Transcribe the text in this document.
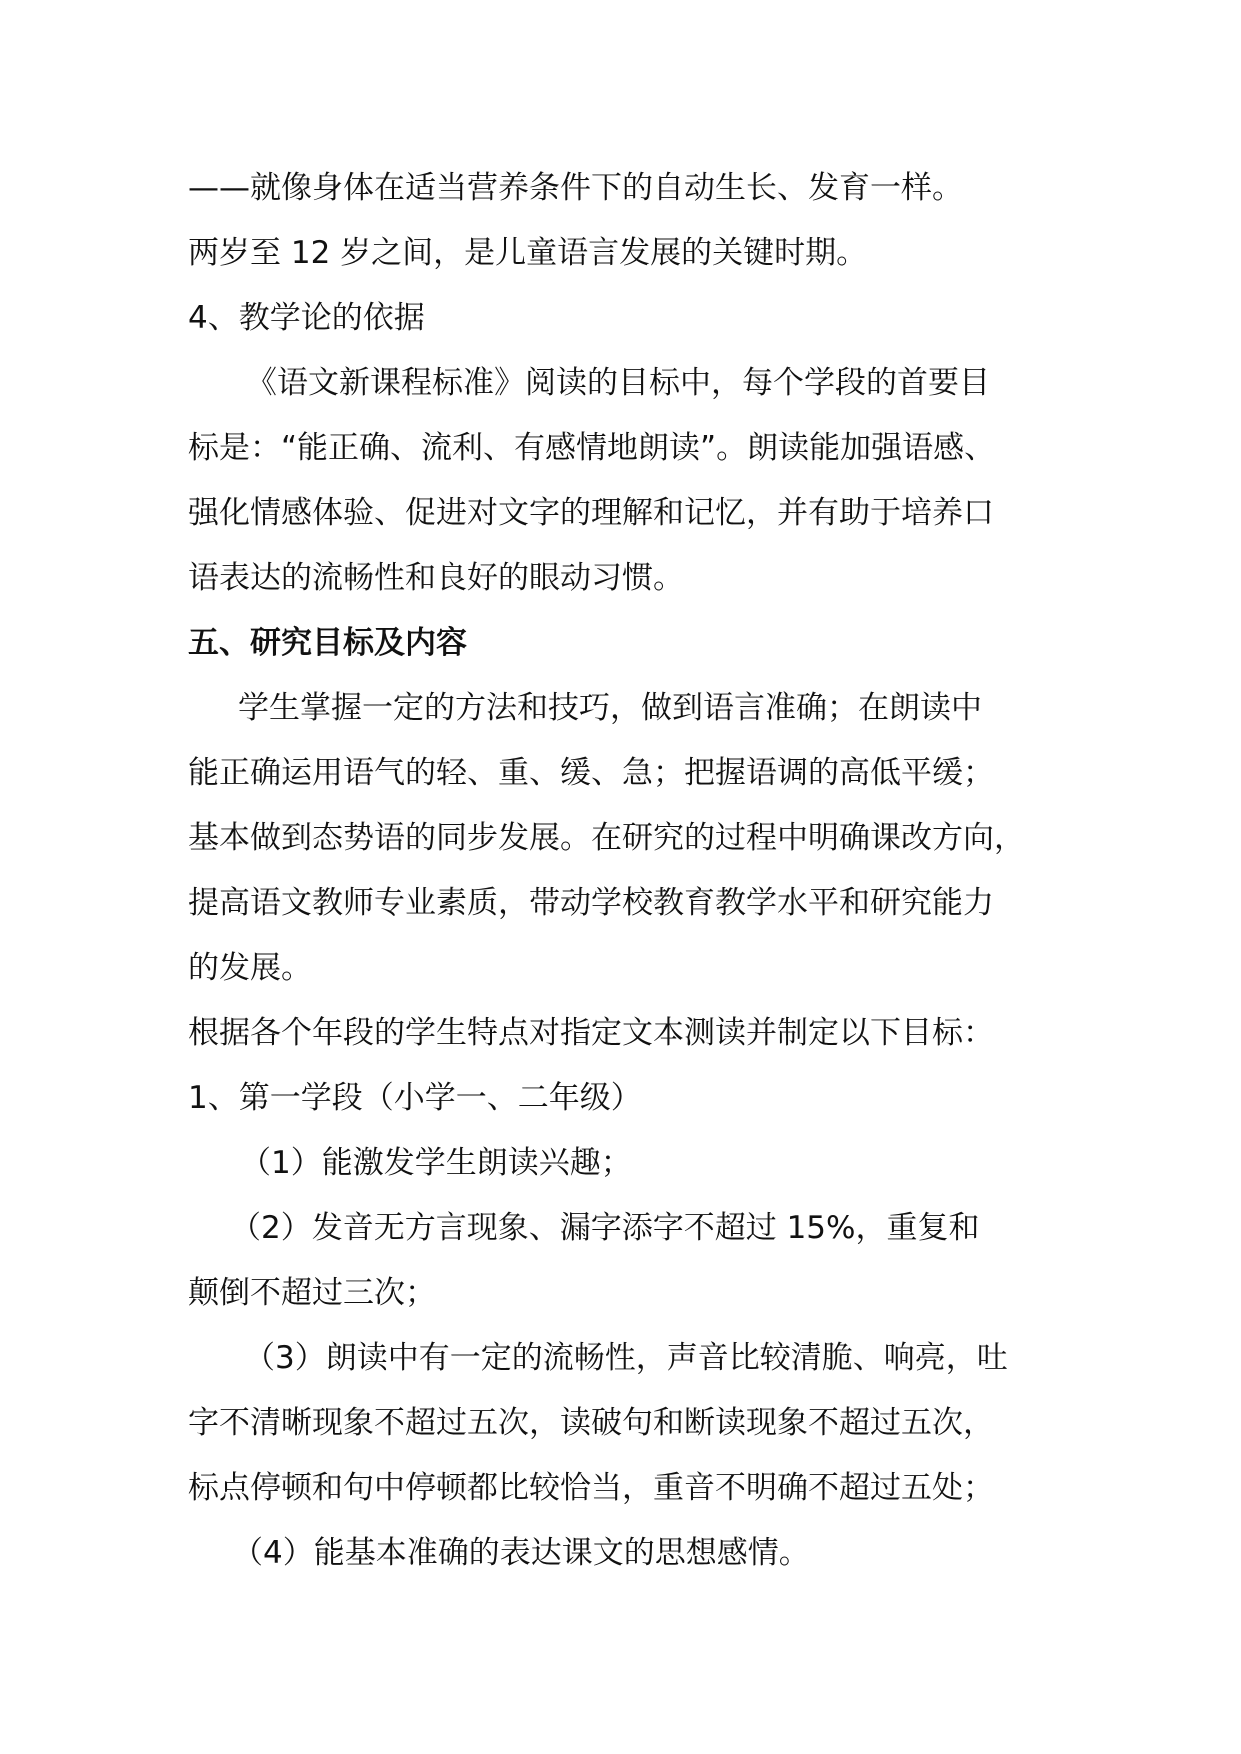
——就像身体在适当营养条件下的自动生长、发育一样。
两岁至 12 岁之间，是儿童语言发展的关键时期。
4、教学论的依据
《语文新课程标准》阅读的目标中，每个学段的首要目
标是：“能正确、流利、有感情地朗读”。朗读能加强语感、
强化情感体验、促进对文字的理解和记忆，并有助于培养口
语表达的流畅性和良好的眼动习惯。
五、研究目标及内容
学生掌握一定的方法和技巧，做到语言准确；在朗读中
能正确运用语气的轻、重、缓、急；把握语调的高低平缓；
基本做到态势语的同步发展。在研究的过程中明确课改方向，
提高语文教师专业素质，带动学校教育教学水平和研究能力
的发展。
根据各个年段的学生特点对指定文本测读并制定以下目标：
1、第一学段（小学一、二年级）
（1）能激发学生朗读兴趣；
（2）发音无方言现象、漏字添字不超过 15%，重复和
颠倒不超过三次；
（3）朗读中有一定的流畅性，声音比较清脆、响亮，吐
字不清晰现象不超过五次，读破句和断读现象不超过五次，
标点停顿和句中停顿都比较恰当，重音不明确不超过五处；
（4）能基本准确的表达课文的思想感情。
